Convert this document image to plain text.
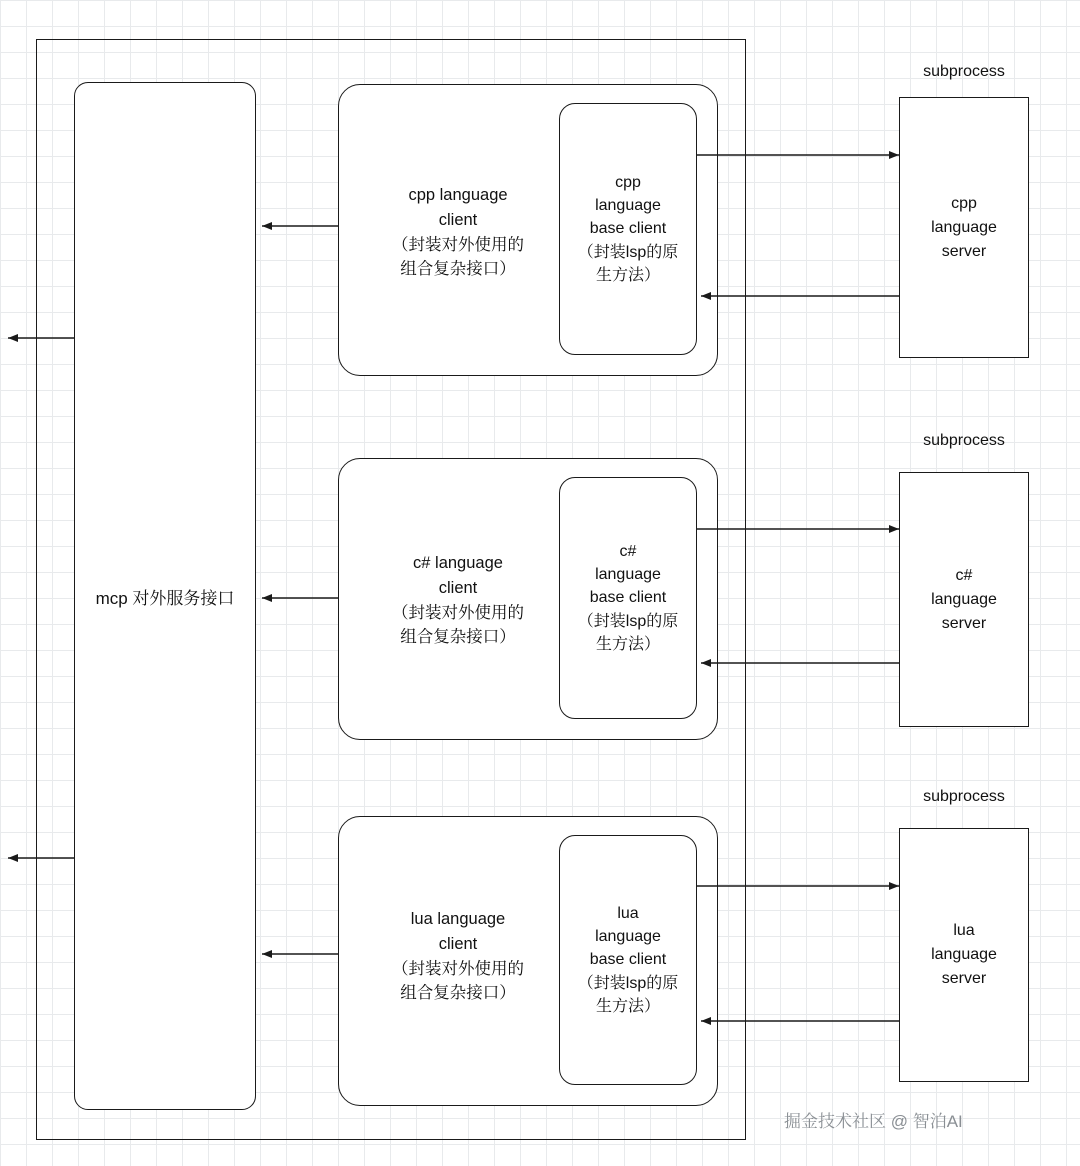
mcp 对外服务接口
cpp language
client
（封装对外使用的
组合复杂接口）
cpp
language
base client
（封装lsp的原
生方法）
subprocess
cpp
language
server
c# language
client
（封装对外使用的
组合复杂接口）
c#
language
base client
（封装lsp的原
生方法）
subprocess
c#
language
server
lua language
client
（封装对外使用的
组合复杂接口）
lua
language
base client
（封装lsp的原
生方法）
subprocess
lua
language
server
掘金技术社区 @ 智泊AI
